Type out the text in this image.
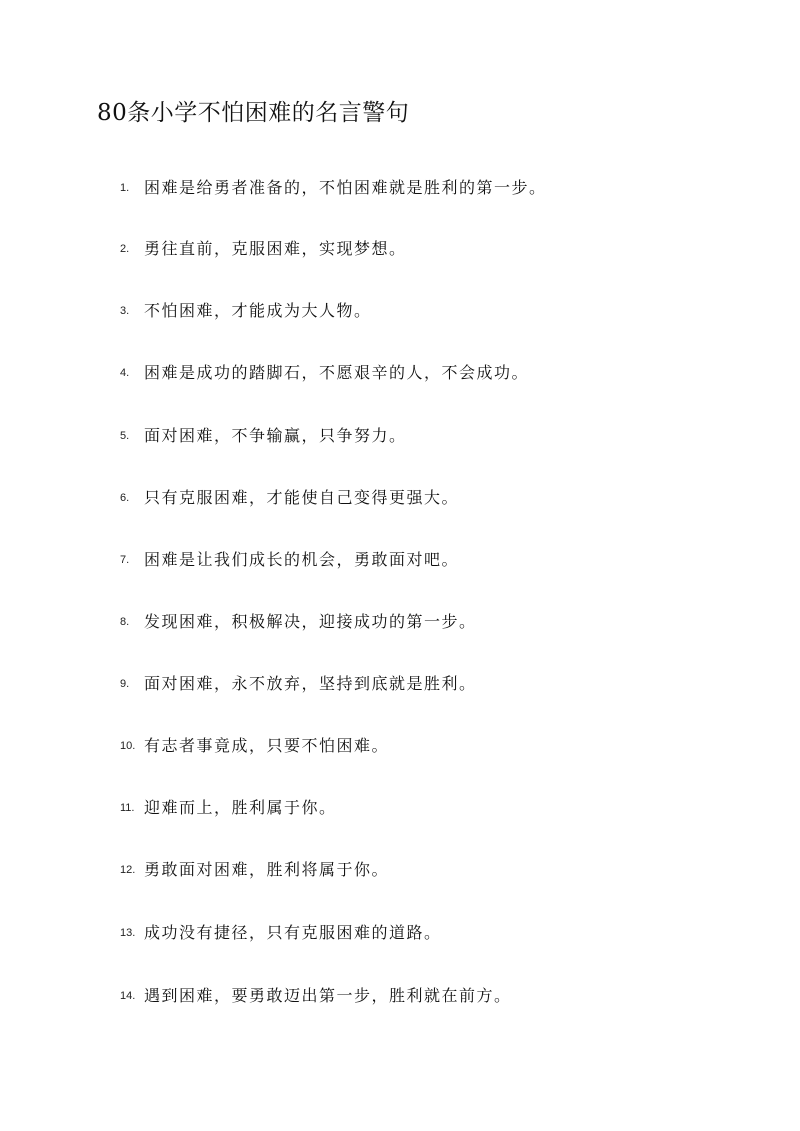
80条小学不怕困难的名言警句
1. 困难是给勇者准备的，不怕困难就是胜利的第一步。
2. 勇往直前，克服困难，实现梦想。
3. 不怕困难，才能成为大人物。
4. 困难是成功的踏脚石，不愿艰辛的人，不会成功。
5. 面对困难，不争输赢，只争努力。
6. 只有克服困难，才能使自己变得更强大。
7. 困难是让我们成长的机会，勇敢面对吧。
8. 发现困难，积极解决，迎接成功的第一步。
9. 面对困难，永不放弃，坚持到底就是胜利。
10. 有志者事竟成，只要不怕困难。
11. 迎难而上，胜利属于你。
12. 勇敢面对困难，胜利将属于你。
13. 成功没有捷径，只有克服困难的道路。
14. 遇到困难，要勇敢迈出第一步，胜利就在前方。
